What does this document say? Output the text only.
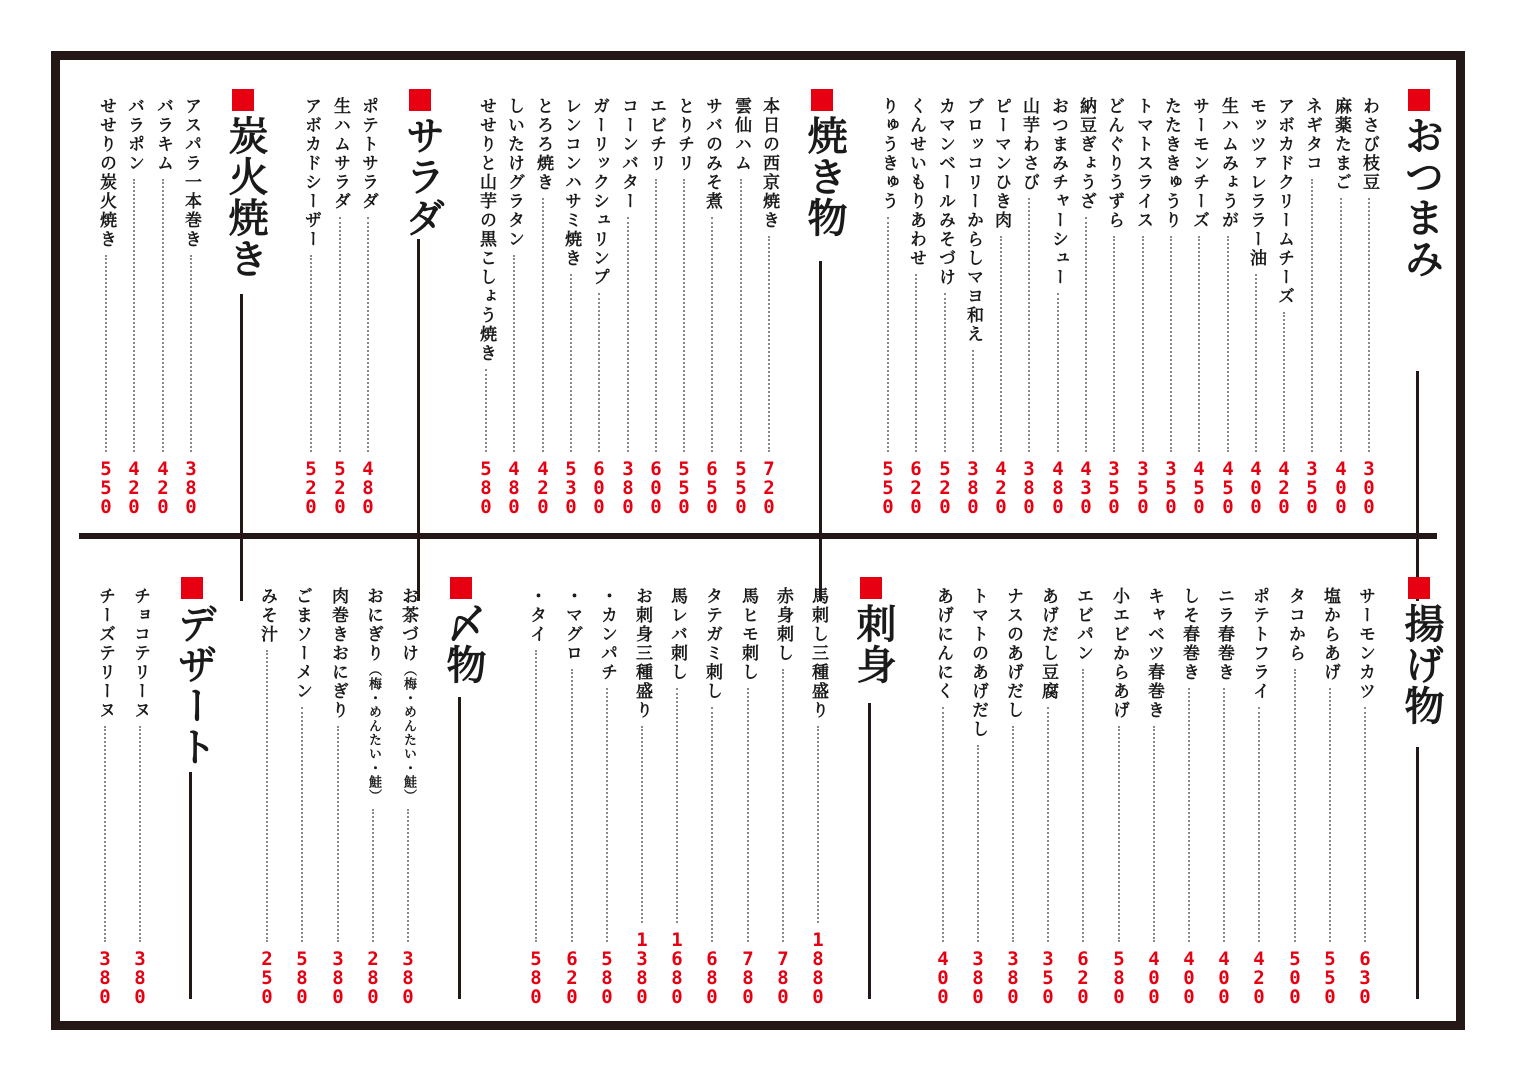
おつまみ
わさび枝豆
3
0
0
麻薬たまご
4
0
0
ネギタコ
3
5
0
アボカドクリームチーズ
4
2
0
モッツァレララー油
4
0
0
生ハムみょうが
4
5
0
サーモンチーズ
4
5
0
たたききゅうり
3
5
0
トマトスライス
3
5
0
どんぐりうずら
3
5
0
納豆ぎょうざ
4
3
0
おつまみチャーシュー
4
8
0
山芋わさび
3
8
0
ピーマンひき肉
4
2
0
ブロッコリーからしマヨ和え
3
8
0
カマンベールみそづけ
5
2
0
くんせいもりあわせ
6
2
0
りゅうきゅう
5
5
0
焼き物
本日の西京焼き
7
2
0
雲仙ハム
5
5
0
サバのみそ煮
6
5
0
とりチリ
5
5
0
エビチリ
6
0
0
コーンバター
3
8
0
ガーリックシュリンプ
6
0
0
レンコンハサミ焼き
5
3
0
とろろ焼き
4
2
0
しいたけグラタン
4
8
0
せせりと山芋の黒こしょう焼き
5
8
0
サラダ
ポテトサラダ
4
8
0
生ハムサラダ
5
2
0
アボカドシーザー
5
2
0
炭火焼き
アスパラ一本巻き
3
8
0
バラキム
4
2
0
バラポン
4
2
0
せせりの炭火焼き
5
5
0
揚げ物
サーモンカツ
6
3
0
塩からあげ
5
5
0
タコから
5
0
0
ポテトフライ
4
2
0
ニラ春巻き
4
0
0
しそ春巻き
4
0
0
キャベツ春巻き
4
0
0
小エビからあげ
5
8
0
エビパン
6
2
0
あげだし豆腐
3
5
0
ナスのあげだし
3
8
0
トマトのあげだし
3
8
0
あげにんにく
4
0
0
刺身
馬刺し三種盛り
1
8
8
0
赤身刺し
7
8
0
馬ヒモ刺し
7
8
0
タテガミ刺し
6
8
0
馬レバ刺し
1
6
8
0
お刺身三種盛り
1
3
8
0
・カンパチ
5
8
0
・マグロ
6
2
0
・タイ
5
8
0
〆物
お茶づけ（梅・めんたい・鮭）
3
8
0
おにぎり（梅・めんたい・鮭）
2
8
0
肉巻きおにぎり
3
8
0
ごまソーメン
5
8
0
みそ汁
2
5
0
デザート
チョコテリーヌ
3
8
0
チーズテリーヌ
3
8
0
